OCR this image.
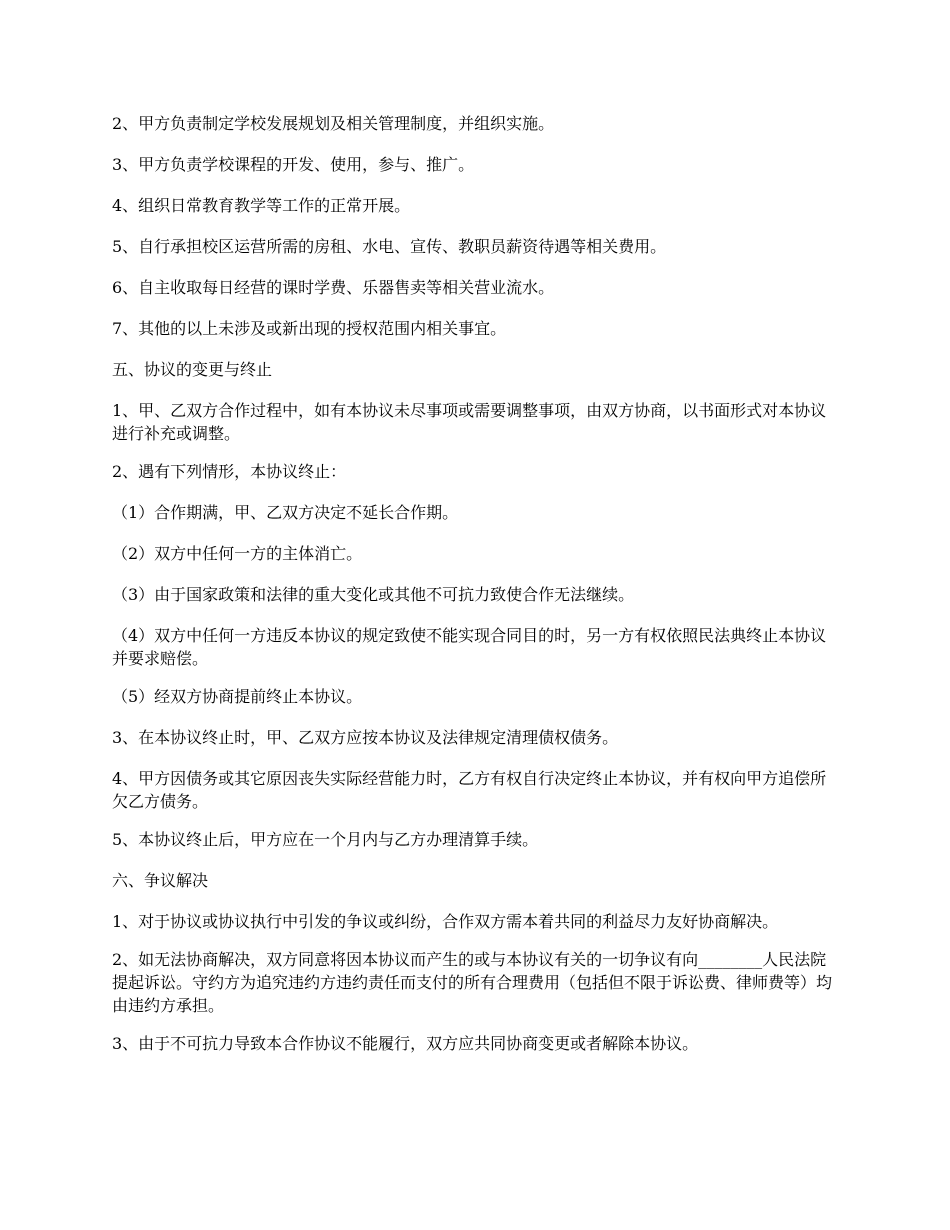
2、甲方负责制定学校发展规划及相关管理制度，并组织实施。

3、甲方负责学校课程的开发、使用，参与、推广。

4、组织日常教育教学等工作的正常开展。

5、自行承担校区运营所需的房租、水电、宣传、教职员薪资待遇等相关费用。

6、自主收取每日经营的课时学费、乐器售卖等相关营业流水。

7、其他的以上未涉及或新出现的授权范围内相关事宜。

五、协议的变更与终止

1、甲、乙双方合作过程中，如有本协议未尽事项或需要调整事项，由双方协商，以书面形式对本协议进行补充或调整。

2、遇有下列情形，本协议终止：

（1）合作期满，甲、乙双方决定不延长合作期。

（2）双方中任何一方的主体消亡。

（3）由于国家政策和法律的重大变化或其他不可抗力致使合作无法继续。

（4）双方中任何一方违反本协议的规定致使不能实现合同目的时，另一方有权依照民法典终止本协议并要求赔偿。

（5）经双方协商提前终止本协议。

3、在本协议终止时，甲、乙双方应按本协议及法律规定清理债权债务。

4、甲方因债务或其它原因丧失实际经营能力时，乙方有权自行决定终止本协议，并有权向甲方追偿所欠乙方债务。

5、本协议终止后，甲方应在一个月内与乙方办理清算手续。

六、争议解决

1、对于协议或协议执行中引发的争议或纠纷，合作双方需本着共同的利益尽力友好协商解决。

2、如无法协商解决，双方同意将因本协议而产生的或与本协议有关的一切争议有向________人民法院提起诉讼。守约方为追究违约方违约责任而支付的所有合理费用（包括但不限于诉讼费、律师费等）均由违约方承担。

3、由于不可抗力导致本合作协议不能履行，双方应共同协商变更或者解除本协议。
